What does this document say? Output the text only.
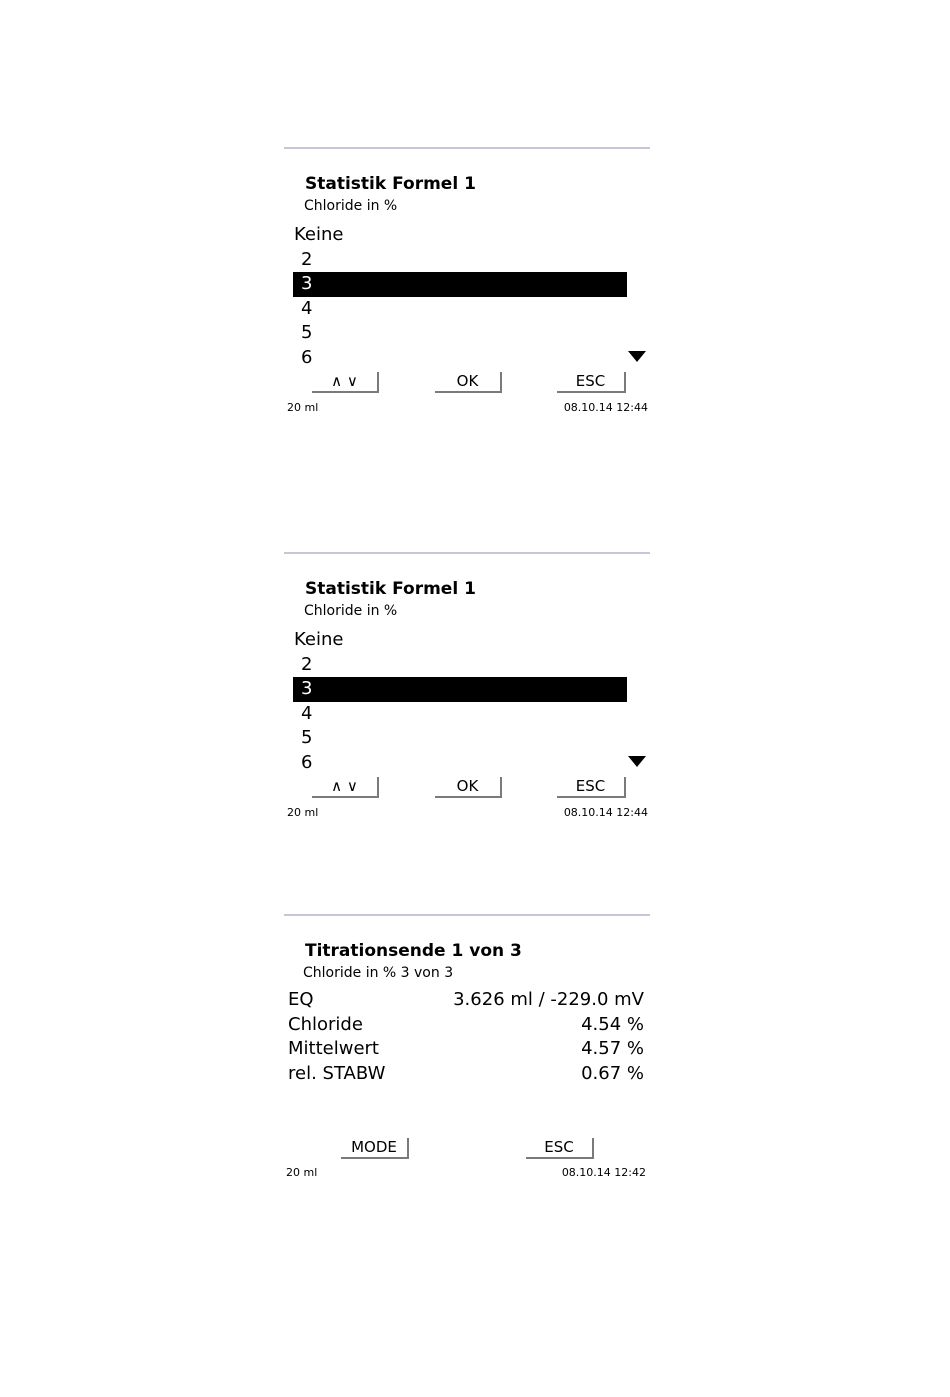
Statistik Formel 1
Chloride in %
Keine
2
3
4
5
6
∧ ∨	OK	ESC
20 ml	08.10.14 12:44
Statistik Formel 1
Chloride in %
Keine
2
3
4
5
6
∧ ∨	OK	ESC
20 ml	08.10.14 12:44
Titrationsende 1 von 3
Chloride in % 3 von 3
EQ	3.626 ml / -229.0 mV
Chloride	4.54 %
Mittelwert	4.57 %
rel. STABW	0.67 %
MODE	ESC
20 ml	08.10.14 12:42
